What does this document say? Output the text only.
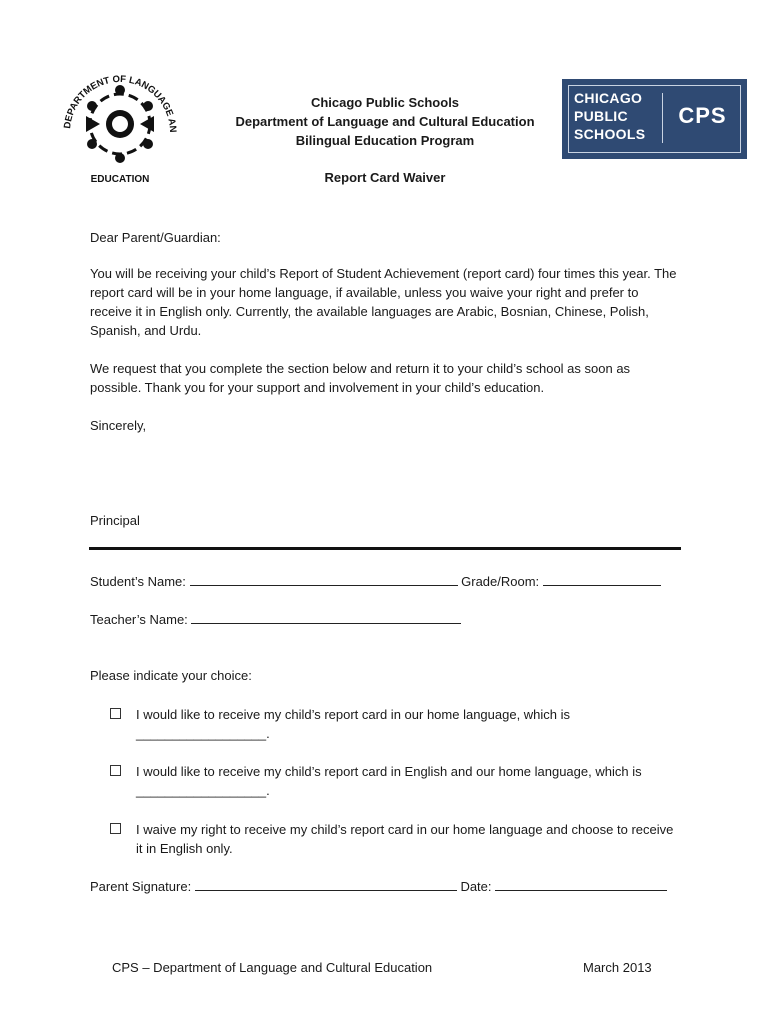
DEPARTMENT OF LANGUAGE AN
EDUCATION
Chicago Public Schools
Department of Language and Cultural Education
Bilingual Education Program
Report Card Waiver
CHICAGO
PUBLIC
SCHOOLS
CPS
Dear Parent/Guardian:
You will be receiving your child’s Report of Student Achievement (report card) four times this year. The report card will be in your home language, if available, unless you waive your right and prefer to receive it in English only. Currently, the available languages are Arabic, Bosnian, Chinese, Polish, Spanish, and Urdu.
We request that you complete the section below and return it to your child’s school as soon as possible. Thank you for your support and involvement in your child’s education.
Sincerely,
Principal
Student’s Name:	Grade/Room:
Teacher’s Name:
Please indicate your choice:
I would like to receive my child’s report card in our home language, which is
__________________.
I would like to receive my child’s report card in English and our home language, which is
__________________.
I waive my right to receive my child’s report card in our home language and choose to receive it in English only.
Parent Signature:	Date:
CPS – Department of Language and Cultural Education	March 2013
